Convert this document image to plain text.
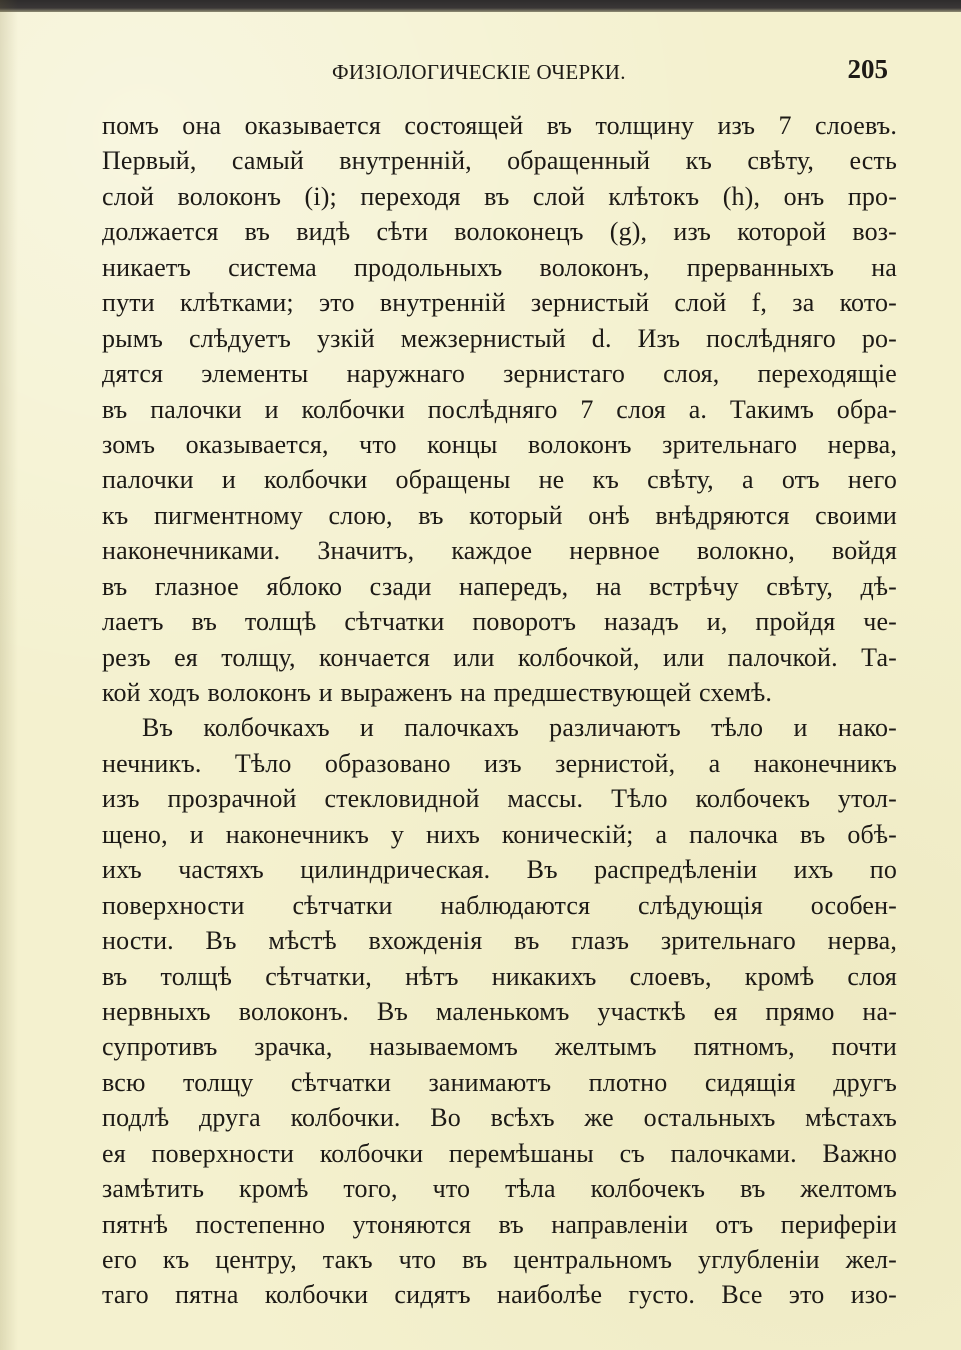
ФИЗІОЛОГИЧЕСКІЕ ОЧЕРКИ.	205
помъ она оказывается состоящей въ толщину изъ 7 слоевъ.
Первый, самый внутренній, обращенный къ свѣту, есть
слой волоконъ (i); переходя въ слой клѣтокъ (h), онъ про-
должается въ видѣ сѣти волоконецъ (g), изъ которой воз-
никаетъ система продольныхъ волоконъ, прерванныхъ на
пути клѣтками; это внутренній зернистый слой f, за кото-
рымъ слѣдуетъ узкій межзернистый d. Изъ послѣдняго ро-
дятся элементы наружнаго зернистаго слоя, переходящіе
въ палочки и колбочки послѣдняго 7 слоя a. Такимъ обра-
зомъ оказывается, что концы волоконъ зрительнаго нерва,
палочки и колбочки обращены не къ свѣту, а отъ него
къ пигментному слою, въ который онѣ внѣдряются своими
наконечниками. Значитъ, каждое нервное волокно, войдя
въ глазное яблоко сзади напередъ, на встрѣчу свѣту, дѣ-
лаетъ въ толщѣ сѣтчатки поворотъ назадъ и, пройдя че-
резъ ея толщу, кончается или колбочкой, или палочкой. Та-
кой ходъ волоконъ и выраженъ на предшествующей схемѣ.
Въ колбочкахъ и палочкахъ различаютъ тѣло и нако-
нечникъ. Тѣло образовано изъ зернистой, а наконечникъ
изъ прозрачной стекловидной массы. Тѣло колбочекъ утол-
щено, и наконечникъ у нихъ коническій; а палочка въ обѣ-
ихъ частяхъ цилиндрическая. Въ распредѣленіи ихъ по
поверхности сѣтчатки наблюдаются слѣдующія особен-
ности. Въ мѣстѣ вхожденія въ глазъ зрительнаго нерва,
въ толщѣ сѣтчатки, нѣтъ никакихъ слоевъ, кромѣ слоя
нервныхъ волоконъ. Въ маленькомъ участкѣ ея прямо на-
супротивъ зрачка, называемомъ желтымъ пятномъ, почти
всю толщу сѣтчатки занимаютъ плотно сидящія другъ
подлѣ друга колбочки. Во всѣхъ же остальныхъ мѣстахъ
ея поверхности колбочки перемѣшаны съ палочками. Важно
замѣтить кромѣ того, что тѣла колбочекъ въ желтомъ
пятнѣ постепенно утоняются въ направленіи отъ периферіи
его къ центру, такъ что въ центральномъ углубленіи жел-
таго пятна колбочки сидятъ наиболѣе густо. Все это изо-
